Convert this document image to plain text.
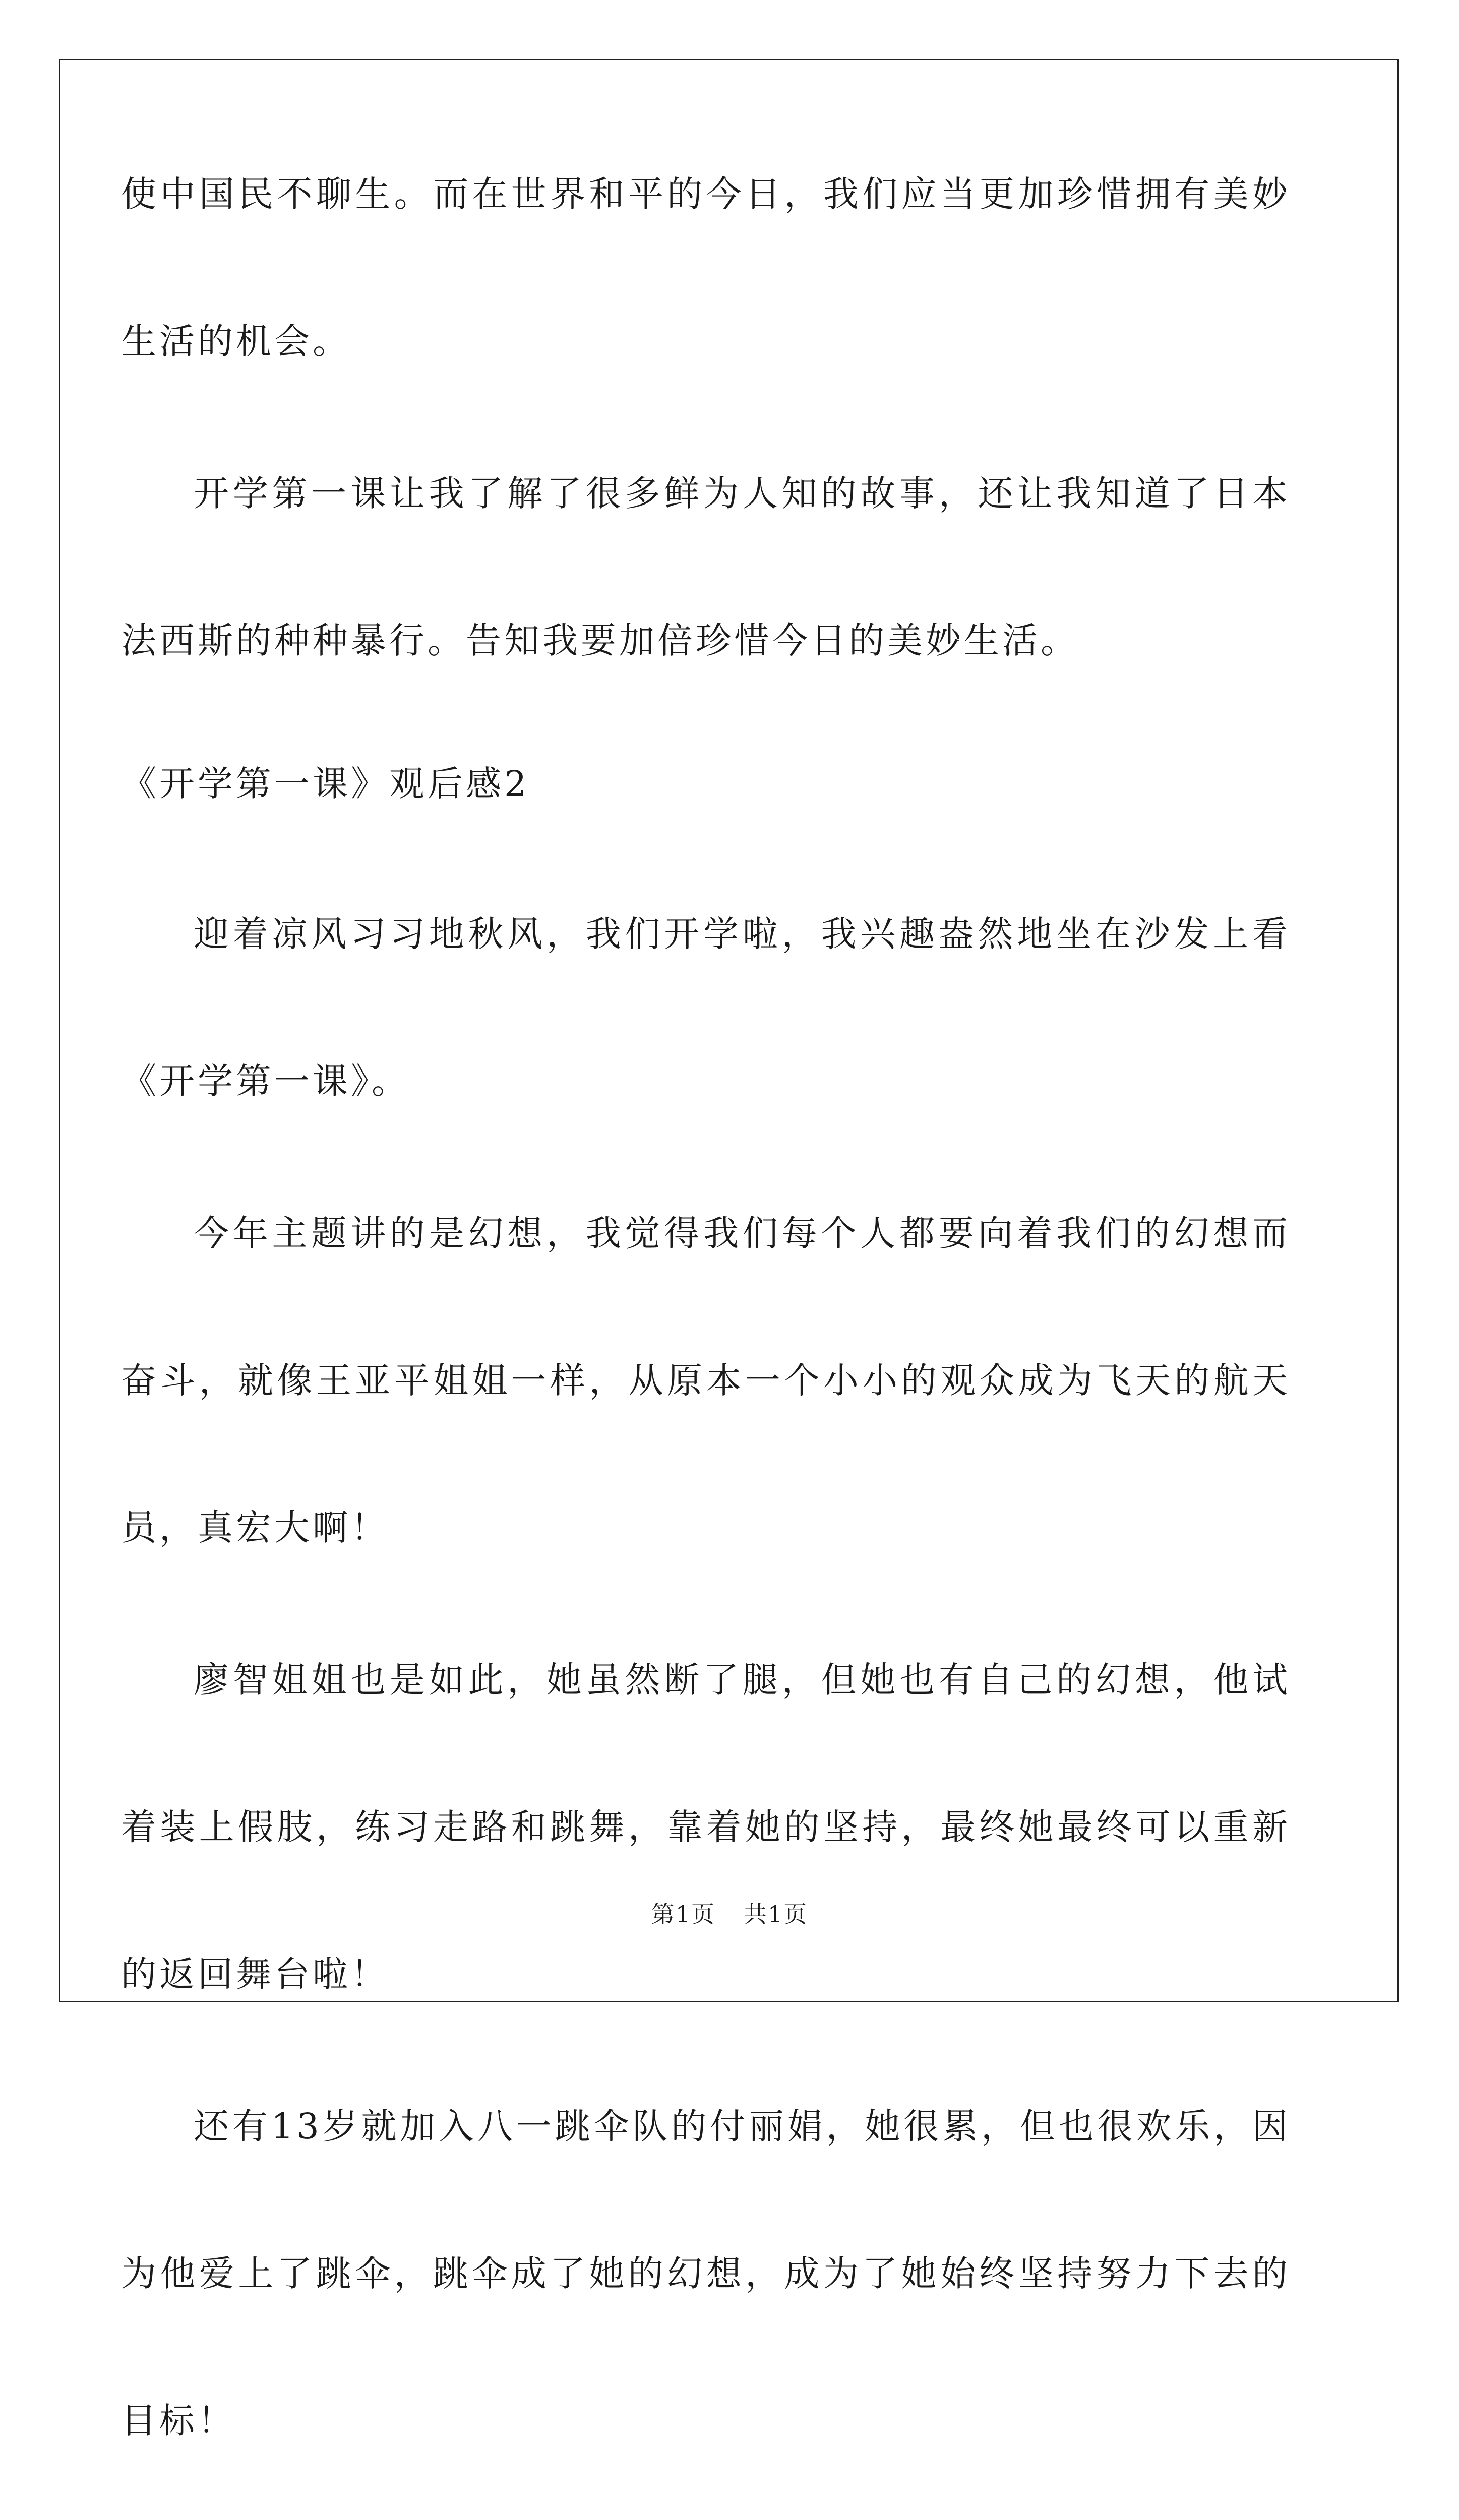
使中国民不聊生。而在世界和平的今日，我们应当更加珍惜拥有美妙
生活的机会。
开学第一课让我了解了很多鲜为人知的故事，还让我知道了日本
法西斯的种种暴行。告知我要加倍珍惜今日的美妙生活。
《开学第一课》观后感2
迎着凉风习习地秋风，我们开学啦，我兴趣盎然地坐在沙发上看
《开学第一课》。
今年主题讲的是幻想，我觉得我们每个人都要向着我们的幻想而
奋斗，就像王亚平姐姐一样，从原本一个小小的观众成为飞天的航天
员，真宏大啊！
廖智姐姐也是如此，她虽然断了腿，但她也有自己的幻想，他试
着装上假肢，练习走路和跳舞，靠着她的坚持，最终她最终可以重新
的返回舞台啦！
还有13岁就加入八一跳伞队的付丽娟，她很累，但也很欢乐，因
为他爱上了跳伞，跳伞成了她的幻想，成为了她始终坚持努力下去的
目标！
第1页 共1页
